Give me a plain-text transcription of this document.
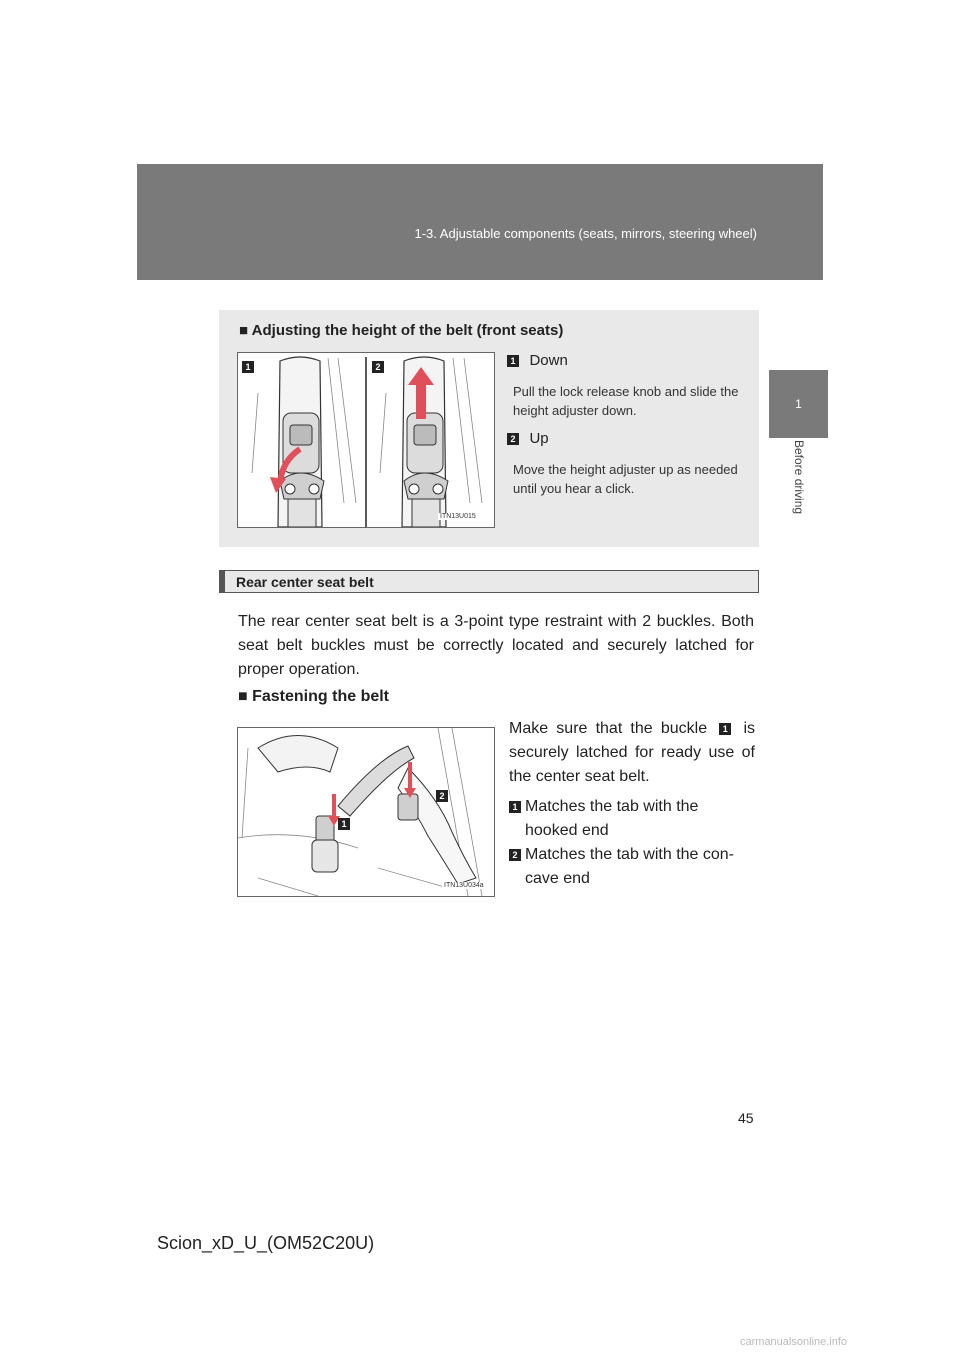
1-3. Adjustable components (seats, mirrors, steering wheel)
1
Before driving
■ Adjusting the height of the belt (front seats)
1	2
ITN13U015
1 Down
Pull the lock release knob and slide the height adjuster down.
2 Up
Move the height adjuster up as needed until you hear a click.
Rear center seat belt
The rear center seat belt is a 3-point type restraint with 2 buckles. Both seat belt buckles must be correctly located and securely latched for proper operation.
■ Fastening the belt
2
1
ITN13U034a
Make sure that the buckle 1 is securely latched for ready use of the center seat belt.
1 Matches the tab with the hooked end
2 Matches the tab with the con-cave end
45
Scion_xD_U_(OM52C20U)
carmanualsonline.info
